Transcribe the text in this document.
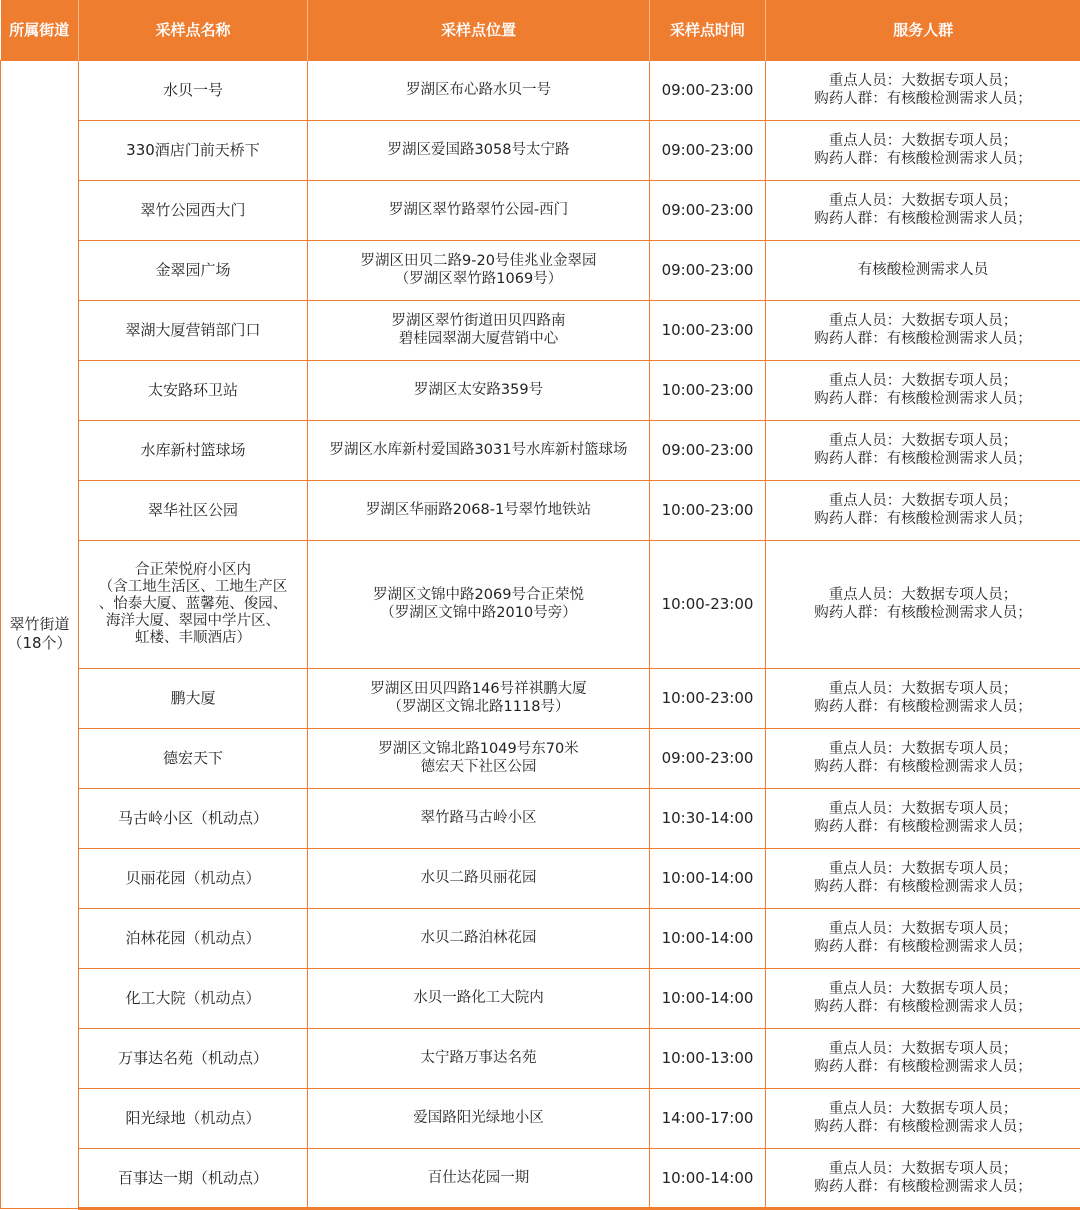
所属街道	采样点名称	采样点位置	采样点时间	服务人群
翠竹街道
（18个）	水贝一号	罗湖区布心路水贝一号	09:00-23:00	重点人员：大数据专项人员；
购药人群：有核酸检测需求人员；
	330酒店门前天桥下	罗湖区爱国路3058号太宁路	09:00-23:00	重点人员：大数据专项人员；
购药人群：有核酸检测需求人员；
	翠竹公园西大门	罗湖区翠竹路翠竹公园-西门	09:00-23:00	重点人员：大数据专项人员；
购药人群：有核酸检测需求人员；
	金翠园广场	罗湖区田贝二路9-20号佳兆业金翠园
（罗湖区翠竹路1069号）	09:00-23:00	有核酸检测需求人员
	翠湖大厦营销部门口	罗湖区翠竹街道田贝四路南
碧桂园翠湖大厦营销中心	10:00-23:00	重点人员：大数据专项人员；
购药人群：有核酸检测需求人员；
	太安路环卫站	罗湖区太安路359号	10:00-23:00	重点人员：大数据专项人员；
购药人群：有核酸检测需求人员；
	水库新村篮球场	罗湖区水库新村爱国路3031号水库新村篮球场	09:00-23:00	重点人员：大数据专项人员；
购药人群：有核酸检测需求人员；
	翠华社区公园	罗湖区华丽路2068-1号翠竹地铁站	10:00-23:00	重点人员：大数据专项人员；
购药人群：有核酸检测需求人员；
	合正荣悦府小区内
（含工地生活区、工地生产区
、怡泰大厦、蓝馨苑、俊园、
海洋大厦、翠园中学片区、
虹楼、丰顺酒店）	罗湖区文锦中路2069号合正荣悦
（罗湖区文锦中路2010号旁）	10:00-23:00	重点人员：大数据专项人员；
购药人群：有核酸检测需求人员；
	鹏大厦	罗湖区田贝四路146号祥祺鹏大厦
（罗湖区文锦北路1118号）	10:00-23:00	重点人员：大数据专项人员；
购药人群：有核酸检测需求人员；
	德宏天下	罗湖区文锦北路1049号东70米
德宏天下社区公园	09:00-23:00	重点人员：大数据专项人员；
购药人群：有核酸检测需求人员；
	马古岭小区（机动点）	翠竹路马古岭小区	10:30-14:00	重点人员：大数据专项人员；
购药人群：有核酸检测需求人员；
	贝丽花园（机动点）	水贝二路贝丽花园	10:00-14:00	重点人员：大数据专项人员；
购药人群：有核酸检测需求人员；
	泊林花园（机动点）	水贝二路泊林花园	10:00-14:00	重点人员：大数据专项人员；
购药人群：有核酸检测需求人员；
	化工大院（机动点）	水贝一路化工大院内	10:00-14:00	重点人员：大数据专项人员；
购药人群：有核酸检测需求人员；
	万事达名苑（机动点）	太宁路万事达名苑	10:00-13:00	重点人员：大数据专项人员；
购药人群：有核酸检测需求人员；
	阳光绿地（机动点）	爱国路阳光绿地小区	14:00-17:00	重点人员：大数据专项人员；
购药人群：有核酸检测需求人员；
	百事达一期（机动点）	百仕达花园一期	10:00-14:00	重点人员：大数据专项人员；
购药人群：有核酸检测需求人员；
